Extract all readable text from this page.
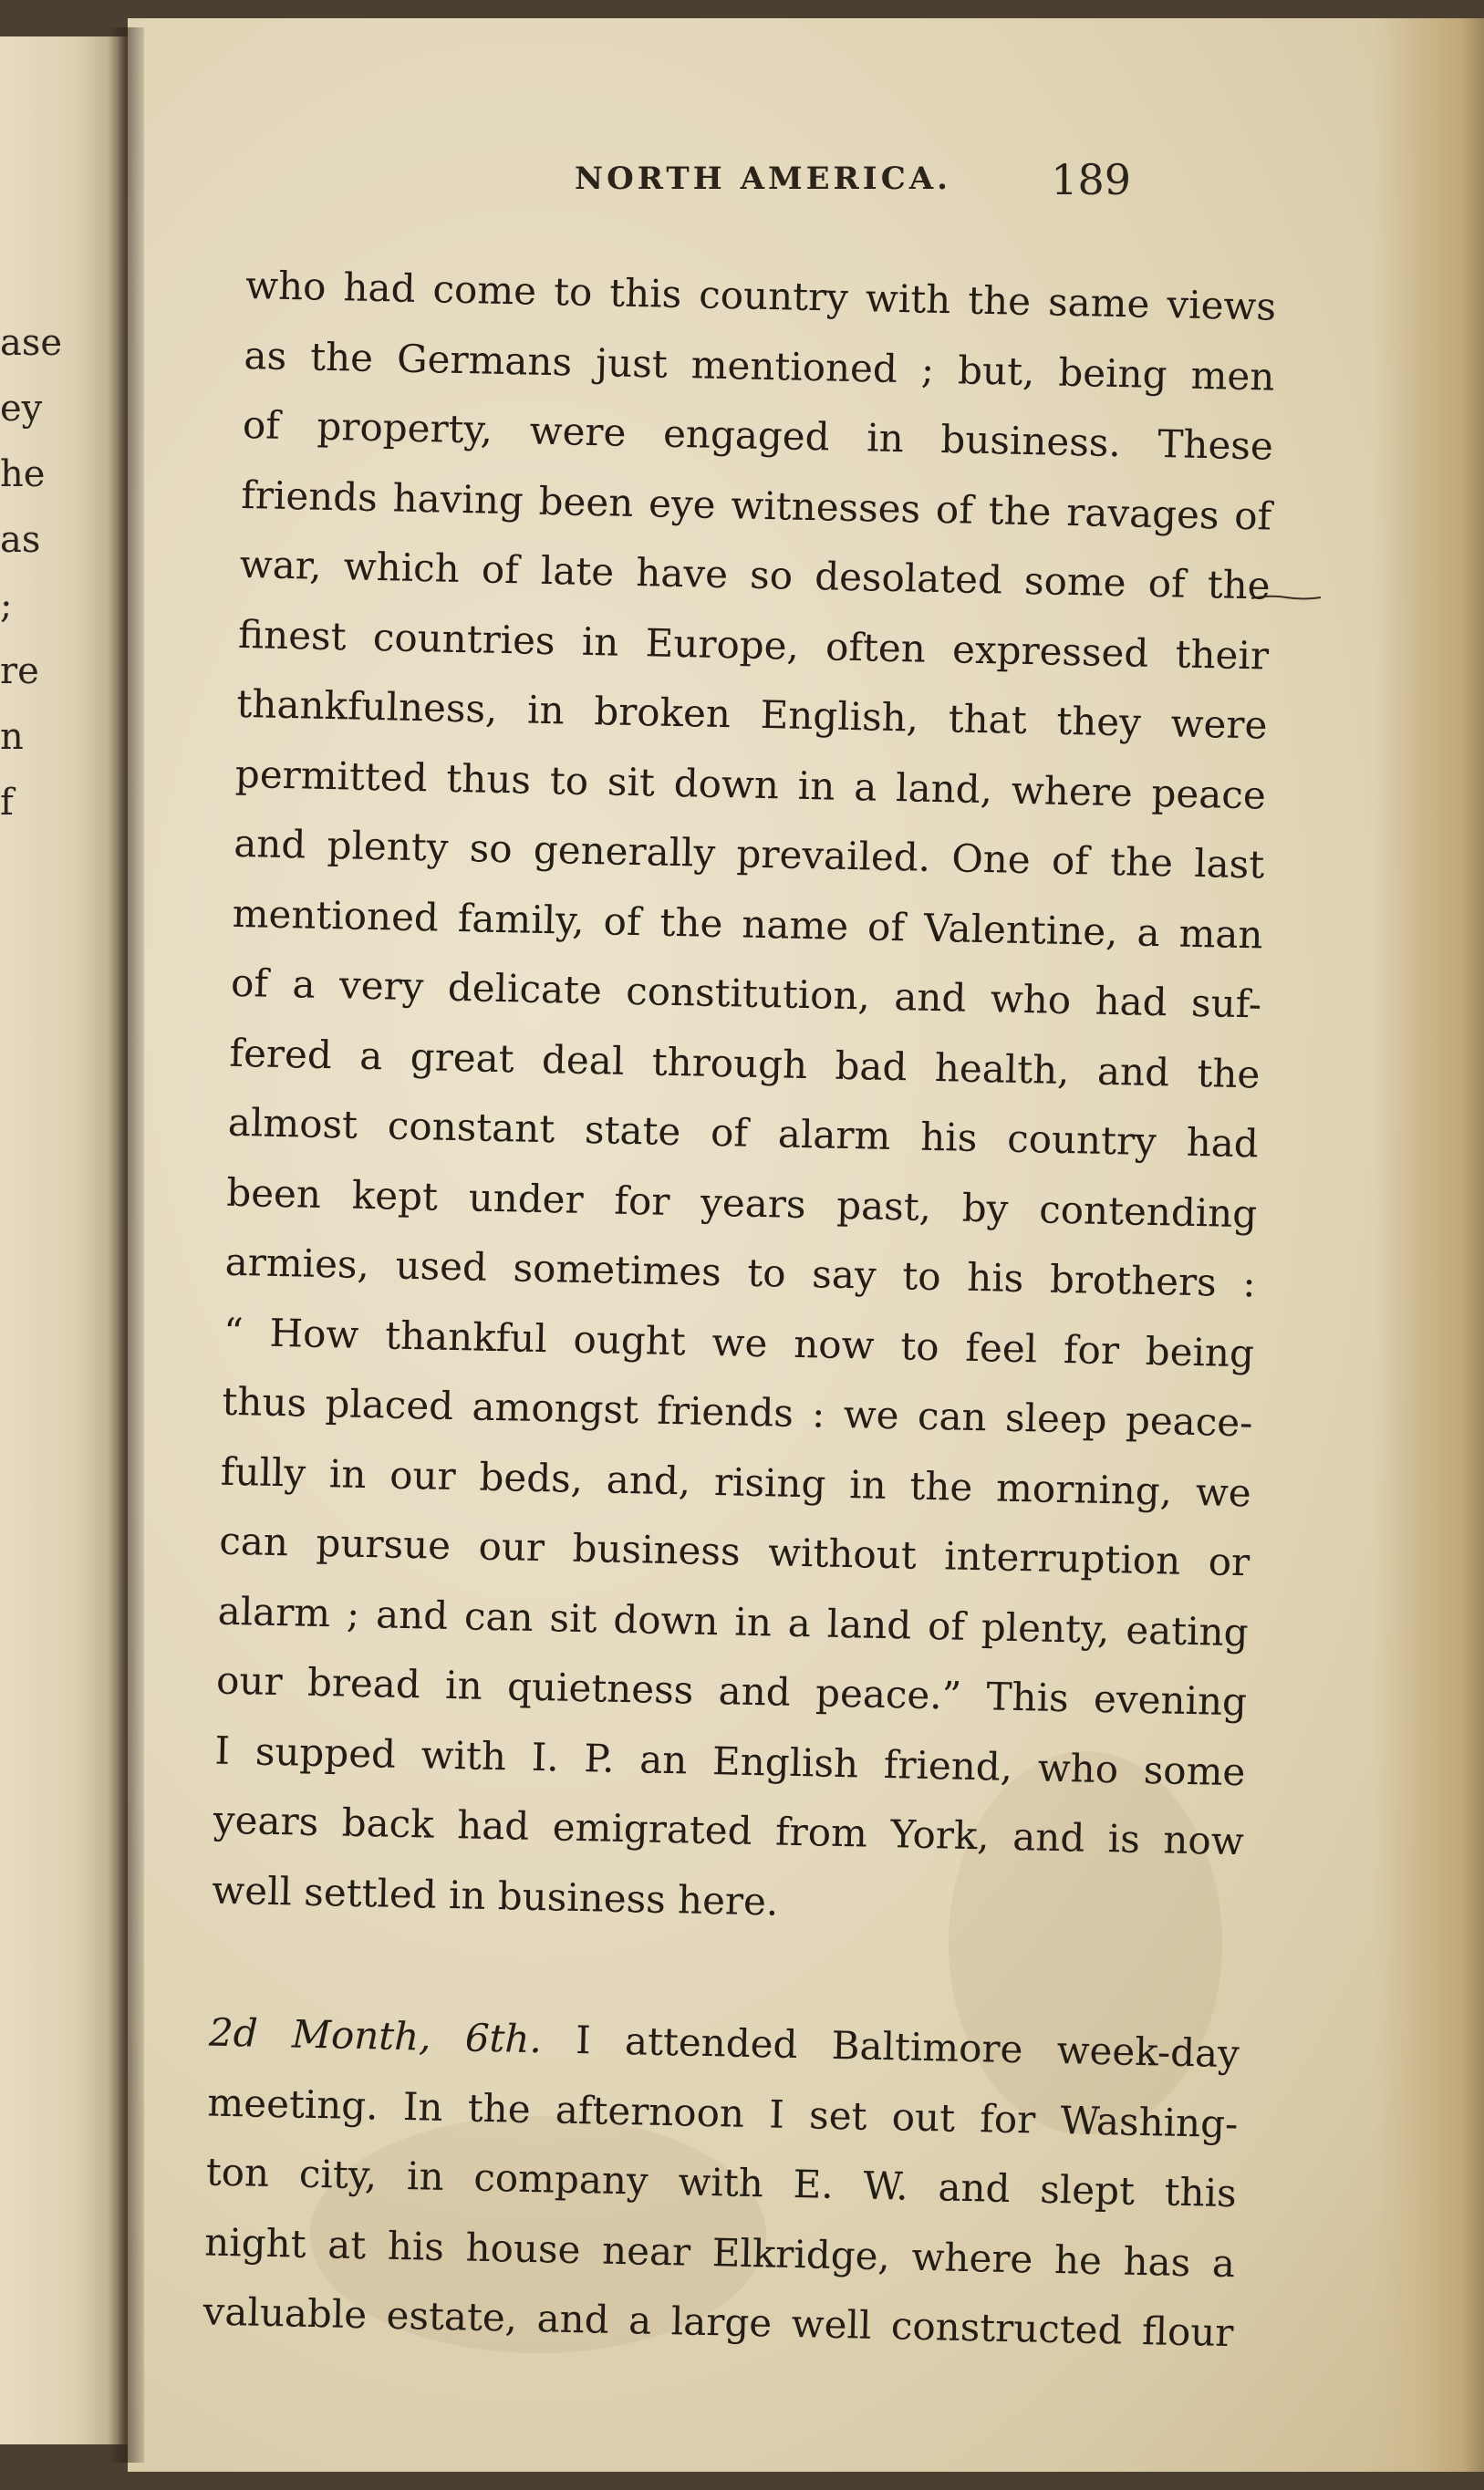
ase
ey
he
as
;
re
n
f
NORTH AMERICA. 189
who had come to this country with the same views
as the Germans just mentioned ; but, being men
of property, were engaged in business. These
friends having been eye witnesses of the ravages of
war, which of late have so desolated some of the
finest countries in Europe, often expressed their
thankfulness, in broken English, that they were
permitted thus to sit down in a land, where peace
and plenty so generally prevailed. One of the last
mentioned family, of the name of Valentine, a man
of a very delicate constitution, and who had suf-
fered a great deal through bad health, and the
almost constant state of alarm his country had
been kept under for years past, by contending
armies, used sometimes to say to his brothers :
“ How thankful ought we now to feel for being
thus placed amongst friends : we can sleep peace-
fully in our beds, and, rising in the morning, we
can pursue our business without interruption or
alarm ; and can sit down in a land of plenty, eating
our bread in quietness and peace.” This evening
I supped with I. P. an English friend, who some
years back had emigrated from York, and is now
well settled in business here.
2d Month, 6th. I attended Baltimore week-day
meeting. In the afternoon I set out for Washing-
ton city, in company with E. W. and slept this
night at his house near Elkridge, where he has a
valuable estate, and a large well constructed flour
